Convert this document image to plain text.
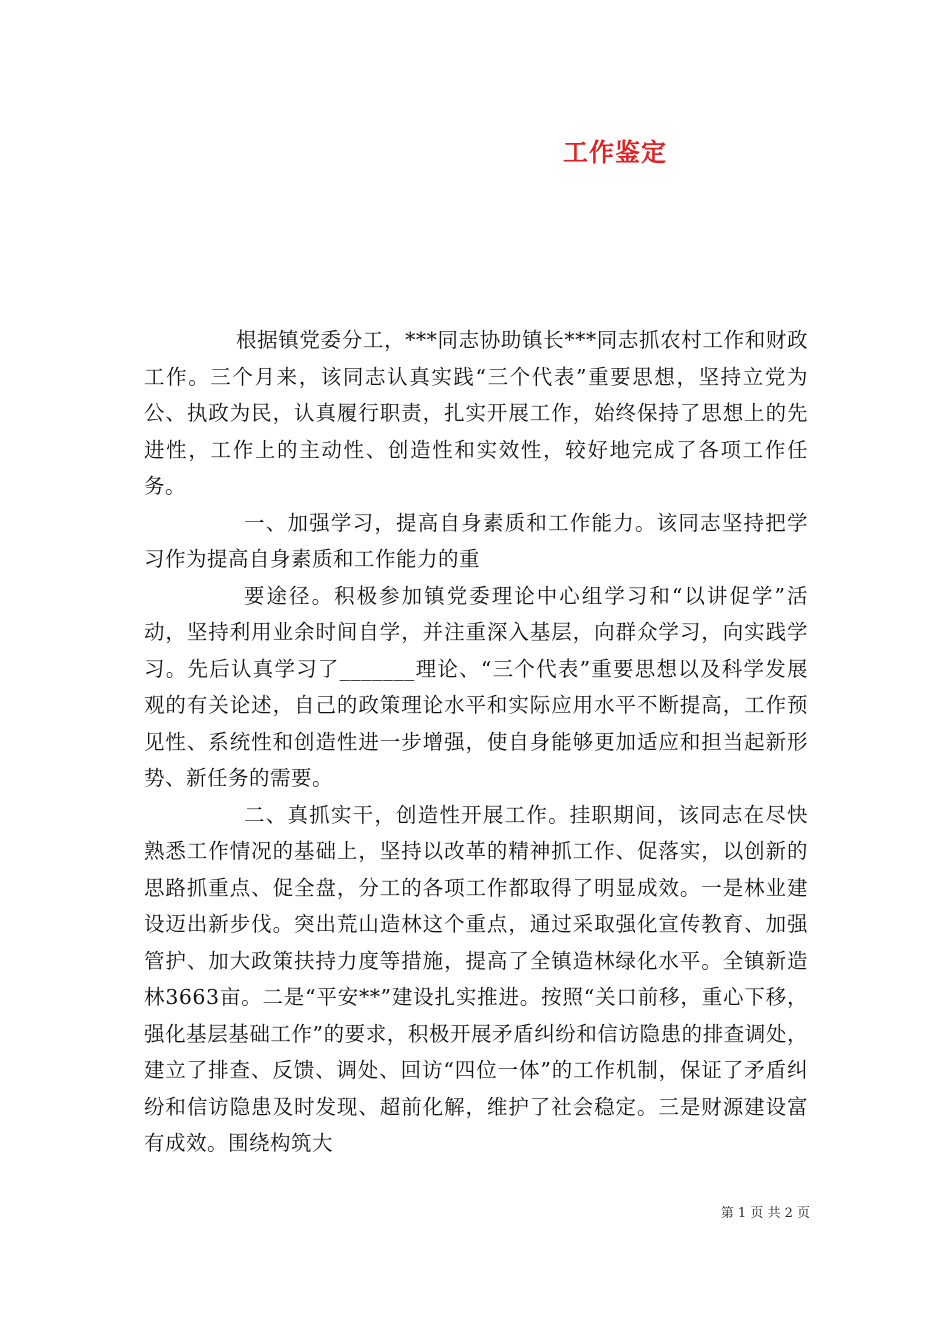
工作鉴定

根据镇党委分工，***同志协助镇长***同志抓农村工作和财政工作。三个月来，该同志认真实践“三个代表”重要思想，坚持立党为公、执政为民，认真履行职责，扎实开展工作，始终保持了思想上的先进性，工作上的主动性、创造性和实效性，较好地完成了各项工作任务。

一、加强学习，提高自身素质和工作能力。该同志坚持把学习作为提高自身素质和工作能力的重

要途径。积极参加镇党委理论中心组学习和“以讲促学”活动，坚持利用业余时间自学，并注重深入基层，向群众学习，向实践学习。先后认真学习了_______理论、“三个代表”重要思想以及科学发展观的有关论述，自己的政策理论水平和实际应用水平不断提高，工作预见性、系统性和创造性进一步增强，使自身能够更加适应和担当起新形势、新任务的需要。

二、真抓实干，创造性开展工作。挂职期间，该同志在尽快熟悉工作情况的基础上，坚持以改革的精神抓工作、促落实，以创新的思路抓重点、促全盘，分工的各项工作都取得了明显成效。一是林业建设迈出新步伐。突出荒山造林这个重点，通过采取强化宣传教育、加强管护、加大政策扶持力度等措施，提高了全镇造林绿化水平。全镇新造林3663亩。二是“平安**”建设扎实推进。按照“关口前移，重心下移，强化基层基础工作”的要求，积极开展矛盾纠纷和信访隐患的排查调处，建立了排查、反馈、调处、回访“四位一体”的工作机制，保证了矛盾纠纷和信访隐患及时发现、超前化解，维护了社会稳定。三是财源建设富有成效。围绕构筑大

第 1 页 共 2 页
